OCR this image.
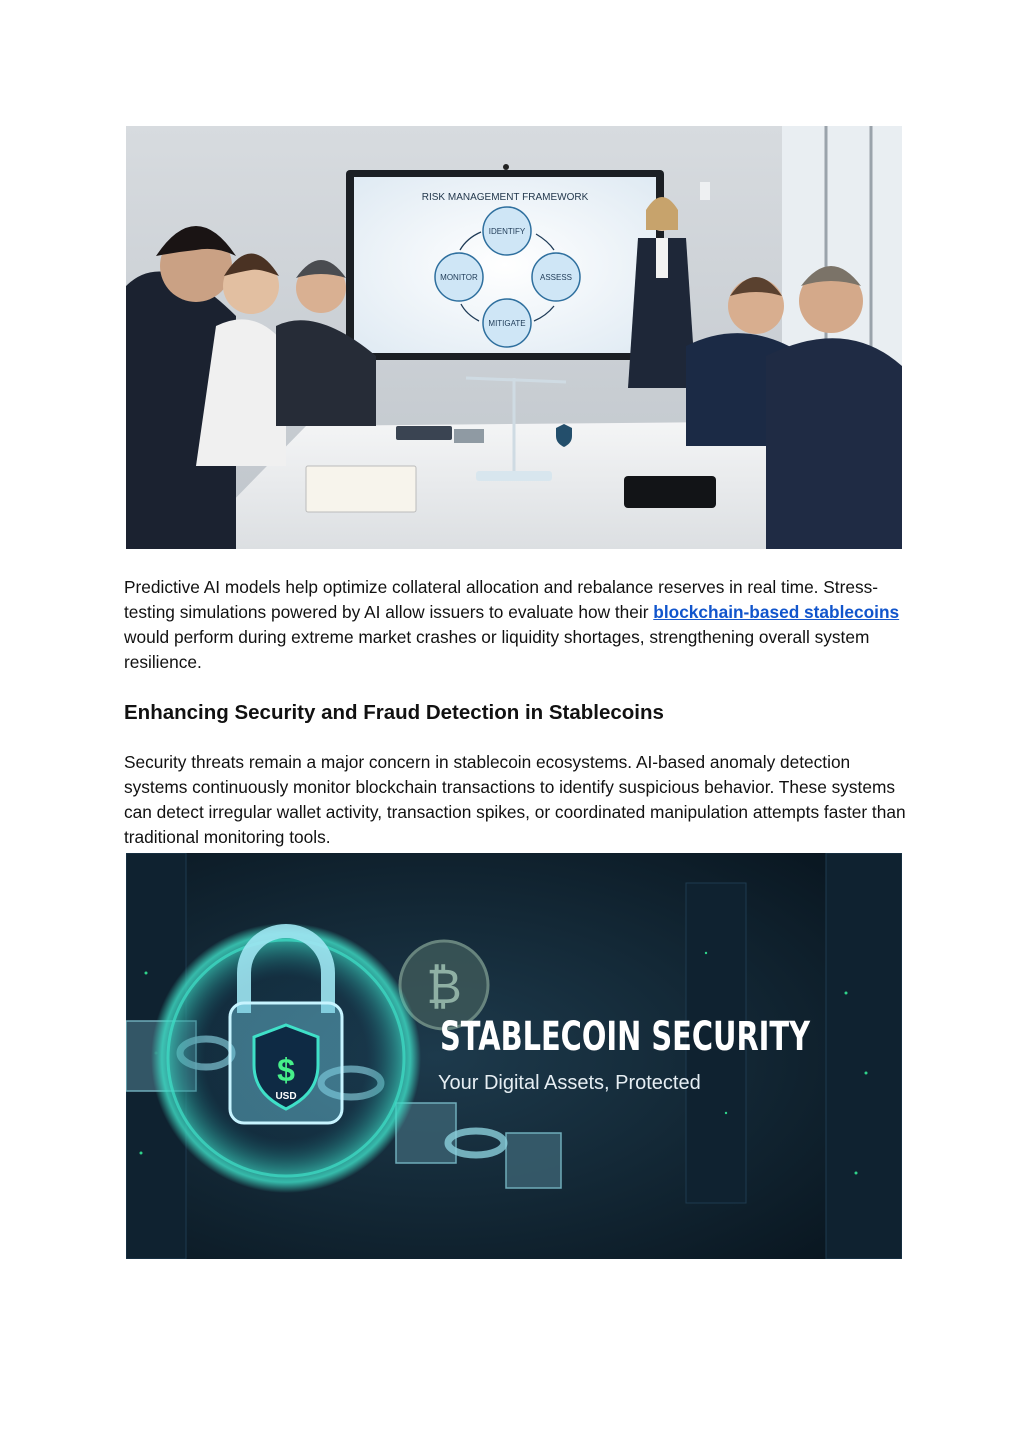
RISK MANAGEMENT FRAMEWORK
IDENTIFY
ASSESS
MITIGATE
MONITOR

Predictive AI models help optimize collateral allocation and rebalance reserves in real time. Stress-testing simulations powered by AI allow issuers to evaluate how their blockchain-based stablecoins would perform during extreme market crashes or liquidity shortages, strengthening overall system resilience.

Enhancing Security and Fraud Detection in Stablecoins

Security threats remain a major concern in stablecoin ecosystems. AI-based anomaly detection systems continuously monitor blockchain transactions to identify suspicious behavior. These systems can detect irregular wallet activity, transaction spikes, or coordinated manipulation attempts faster than traditional monitoring tools.

₿
$
USD
STABLECOIN SECURITY
Your Digital Assets, Protected
